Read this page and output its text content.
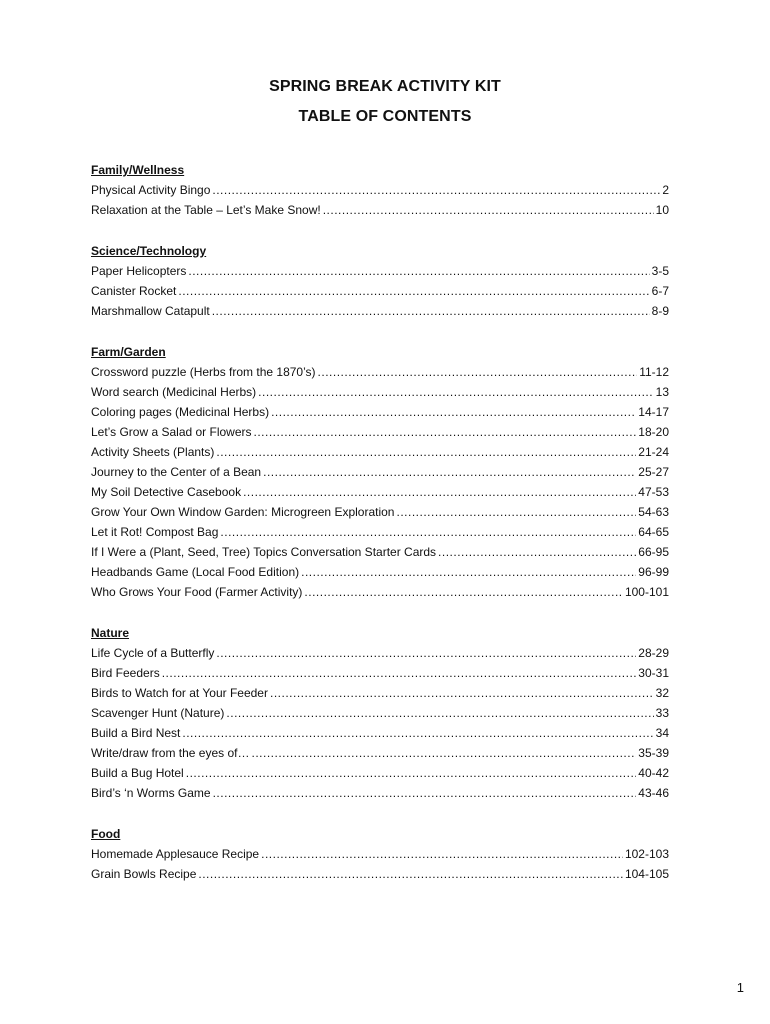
SPRING BREAK ACTIVITY KIT
TABLE OF CONTENTS
Family/Wellness
Physical Activity Bingo .....	2
Relaxation at the Table – Let’s Make Snow! .....	10
Science/Technology
Paper Helicopters .....	3-5
Canister Rocket .....	6-7
Marshmallow Catapult .....	8-9
Farm/Garden
Crossword puzzle (Herbs from the 1870’s) .....	11-12
Word search (Medicinal Herbs) .....	13
Coloring pages (Medicinal Herbs) .....	14-17
Let’s Grow a Salad or Flowers .....	18-20
Activity Sheets (Plants) .....	21-24
Journey to the Center of a Bean .....	25-27
My Soil Detective Casebook .....	47-53
Grow Your Own Window Garden: Microgreen Exploration .....	54-63
Let it Rot! Compost Bag .....	64-65
If I Were a (Plant, Seed, Tree) Topics Conversation Starter Cards .....	66-95
Headbands Game (Local Food Edition) .....	96-99
Who Grows Your Food (Farmer Activity) .....	100-101
Nature
Life Cycle of a Butterfly .....	28-29
Bird Feeders .....	30-31
Birds to Watch for at Your Feeder .....	32
Scavenger Hunt (Nature) .....	33
Build a Bird Nest .....	34
Write/draw from the eyes of… .....	35-39
Build a Bug Hotel .....	40-42
Bird’s ‘n Worms Game .....	43-46
Food
Homemade Applesauce Recipe .....	102-103
Grain Bowls Recipe .....	104-105
1
